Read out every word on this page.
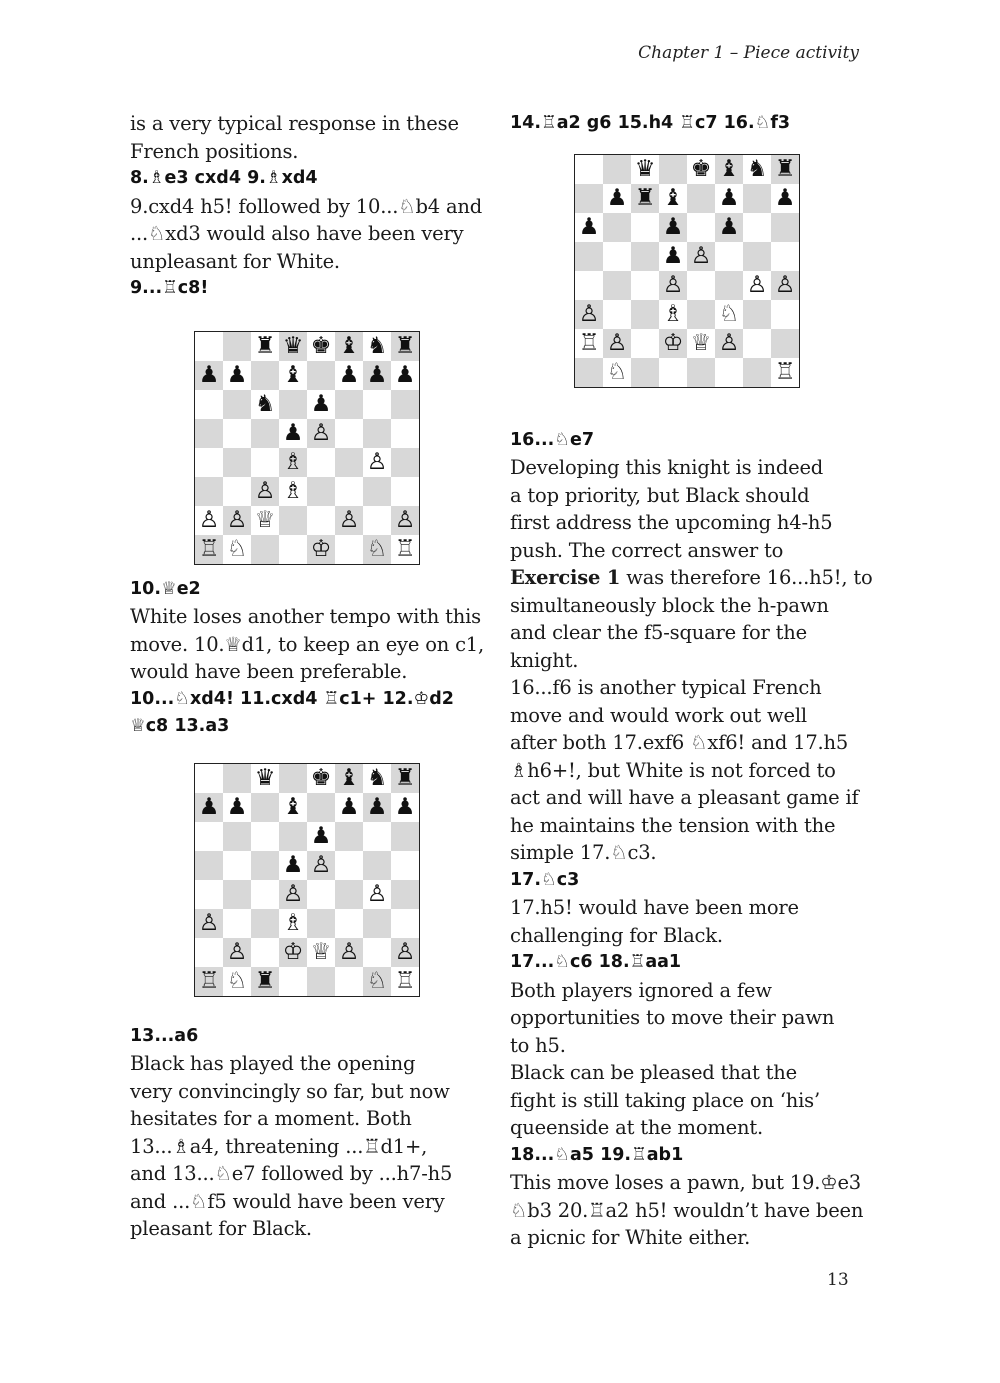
Chapter 1 – Piece activity

is a very typical response in these

French positions.

8.♗e3 cxd4 9.♗xd4

9.cxd4 h5! followed by 10...♘b4 and

...♘xd3 would also have been very

unpleasant for White.

9...♖c8!

♜ ♛ ♚ ♝ ♞ ♜
♟ ♟ ♝ ♟ ♟ ♟
♞ ♟
♟ ♙
♗	♙
♙ ♗
♙ ♙ ♕	♙ ♙
♖ ♘	♔ ♘ ♖

10.♕e2

White loses another tempo with this

move. 10.♕d1, to keep an eye on c1,

would have been preferable.

10...♘xd4! 11.cxd4 ♖c1+ 12.♔d2

♕c8 13.a3

♛ ♚ ♝ ♞ ♜
♟ ♟ ♝ ♟ ♟ ♟
♟
♟ ♙
♙	♙
♙	♗
♙ ♔ ♕ ♙ ♙
♖ ♘ ♜	♘ ♖

13...a6

Black has played the opening

very convincingly so far, but now

hesitates for a moment. Both

13...♗a4, threatening ...♖d1+,

and 13...♘e7 followed by ...h7-h5

and ...♘f5 would have been very

pleasant for Black.

14.♖a2 g6 15.h4 ♖c7 16.♘f3

♛ ♚ ♝ ♞ ♜
♟ ♜ ♝ ♟ ♟
♟	♟ ♟
♟ ♙
♙	♙ ♙
♙	♗ ♘
♖ ♙ ♔ ♕ ♙
♘	♖

16...♘e7

Developing this knight is indeed

a top priority, but Black should

first address the upcoming h4-h5

push. The correct answer to

Exercise 1 was therefore 16...h5!, to

simultaneously block the h-pawn

and clear the f5-square for the

knight.

16...f6 is another typical French

move and would work out well

after both 17.exf6 ♘xf6! and 17.h5

♗h6+!, but White is not forced to

act and will have a pleasant game if

he maintains the tension with the

simple 17.♘c3.

17.♘c3

17.h5! would have been more

challenging for Black.

17...♘c6 18.♖aa1

Both players ignored a few

opportunities to move their pawn

to h5.

Black can be pleased that the

fight is still taking place on ‘his’

queenside at the moment.

18...♘a5 19.♖ab1

This move loses a pawn, but 19.♔e3

♘b3 20.♖a2 h5! wouldn’t have been

a picnic for White either.

13
